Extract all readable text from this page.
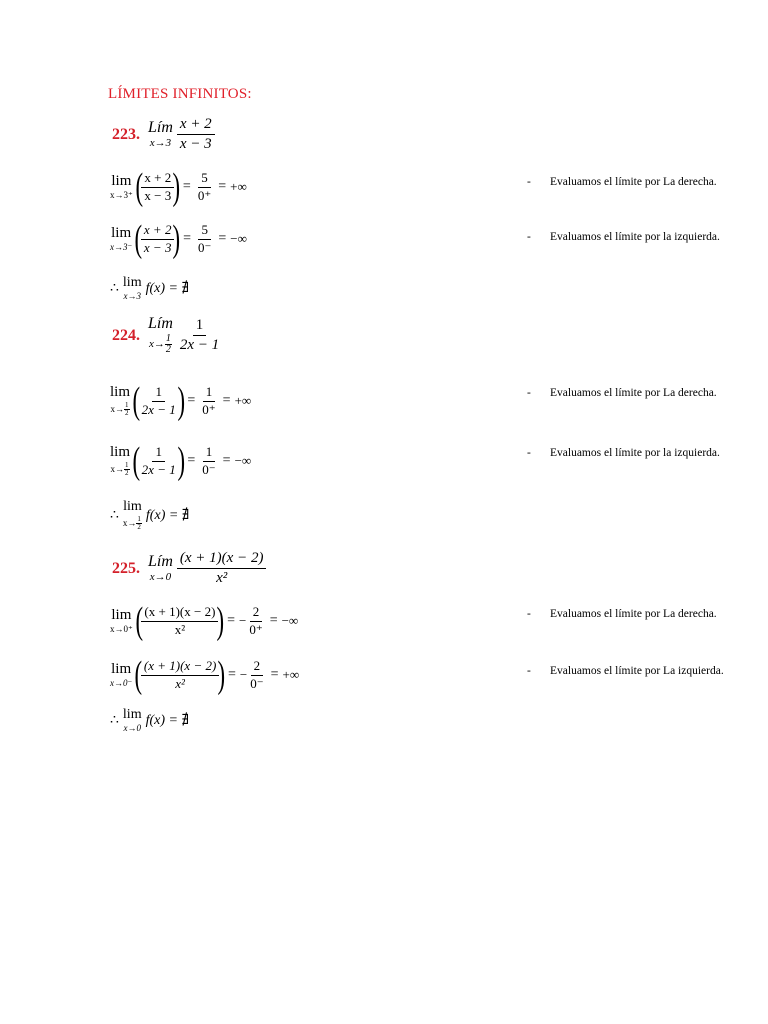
LÍMITES INFINITOS:
223. Lím
$x\to 3 \frac{x + 2}{x - 3}$
lim
x→3⁺ (
$\frac{x + 2}{x - 3}$
) = $\frac{5}{0^+}$ = +∞
lim
x→3⁻ (
$\frac{x + 2}{x - 3}$
) = $\frac{5}{0^-}$ = −∞
∴ lim
x→3 f(x) = ∄
-	Evaluamos el límite por La derecha.
-	Evaluamos el límite por la izquierda.
224.
Lím
$x\to \frac{1}{2} \frac{1}{2x - 1}$
lim
$x\to \frac{1}{2}$ (
$\frac{1}{2x - 1}$
) = $\frac{1}{0^+}$ = +∞
lim
$x\to \frac{1}{2}$ (
$\frac{1}{2x - 1}$
) = $\frac{1}{0^-}$ = −∞
∴
lim
$x\to \frac{1}{2}$
f(x) = ∄
-	Evaluamos el límite por La derecha.
-	Evaluamos el límite por la izquierda.
225. Lím
$x\to 0 \frac{(x + 1)(x - 2)}{\text{x²}}$
lim
x→0⁺ (
$\frac{(x + 1)(x - 2)}{\text{x²}}$
) = − $\frac{2}{0^+}$ = −∞
lim
x→0⁻ (
$\frac{(x + 1)(x - 2)}{\text{x²}}$
) = − $\frac{2}{0^-}$ = +∞
∴ lim
x→0 f(x) = ∄
-	Evaluamos el límite por La derecha.
-	Evaluamos el límite por La izquierda.
